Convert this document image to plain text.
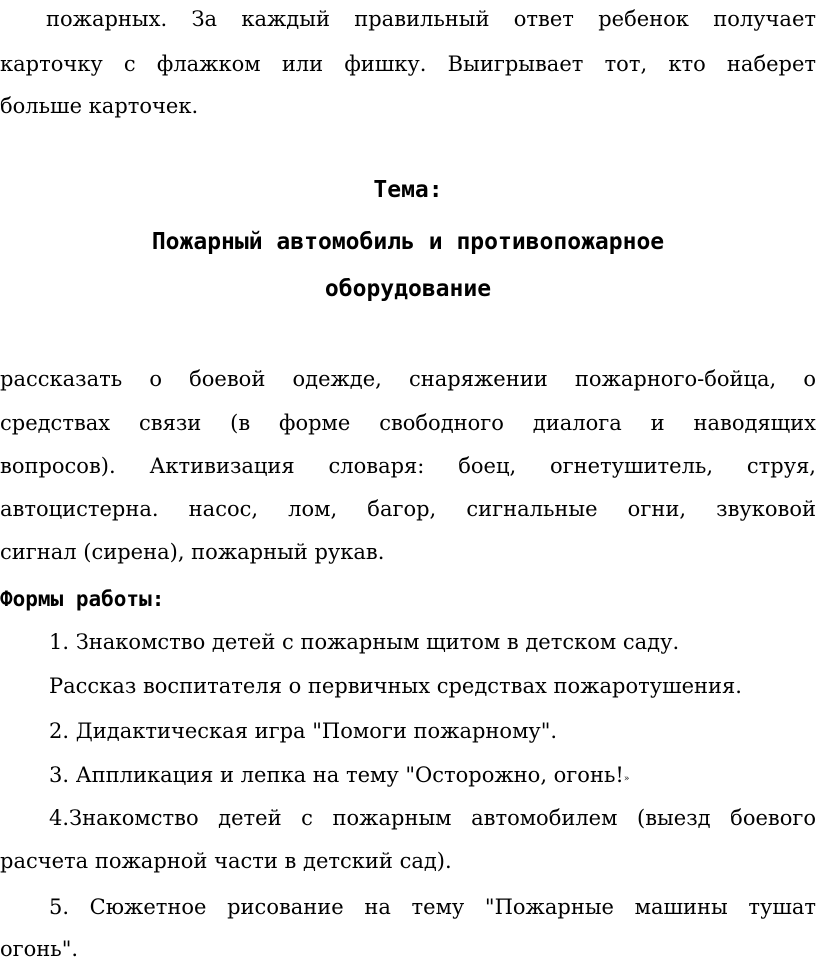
пожарных. За каждый правильный ответ ребенок получает
карточку с флажком или фишку. Выигрывает тот, кто наберет
больше карточек.
Тема:
Пожарный автомобиль и противопожарное
оборудование
рассказать о боевой одежде, снаряжении пожарного-бойца, о
средствах связи (в форме свободного диалога и наводящих
вопросов). Активизация словаря: боец, огнетушитель, струя,
автоцистерна. насос, лом, багор, сигнальные огни, звуковой
сигнал (сирена), пожарный рукав.
Формы работы:
1. Знакомство детей с пожарным щитом в детском саду.
Рассказ воспитателя о первичных средствах пожаротушения.
2. Дидактическая игра "Помоги пожарному".
3. Аппликация и лепка на тему "Осторожно, огонь!»
4.Знакомство детей с пожарным автомобилем (выезд боевого
расчета пожарной части в детский сад).
5. Сюжетное рисование на тему "Пожарные машины тушат
огонь".
